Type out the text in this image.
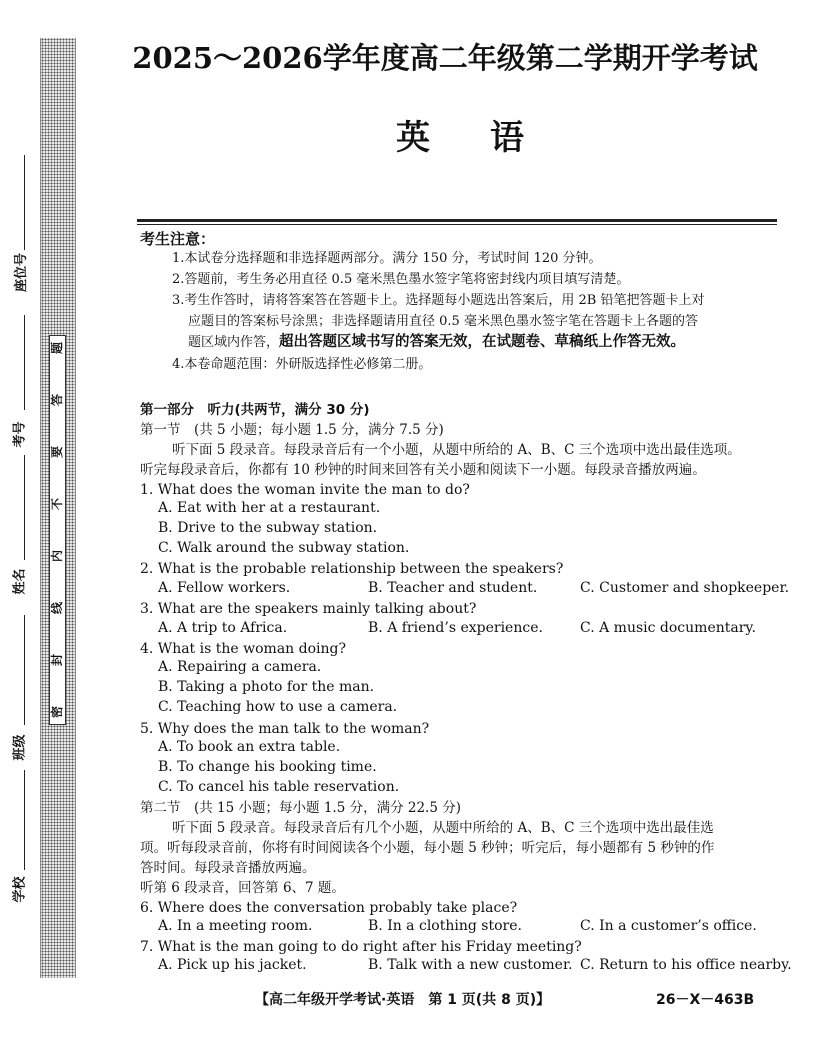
题
答
要
不
内
线
封
密
座位号
考号
姓名
班级
学校
2025～2026学年度高二年级第二学期开学考试
英语
考生注意：
1.本试卷分选择题和非选择题两部分。满分 150 分，考试时间 120 分钟。
2.答题前，考生务必用直径 0.5 毫米黑色墨水签字笔将密封线内项目填写清楚。
3.考生作答时，请将答案答在答题卡上。选择题每小题选出答案后，用 2B 铅笔把答题卡上对
应题目的答案标号涂黑；非选择题请用直径 0.5 毫米黑色墨水签字笔在答题卡上各题的答
题区域内作答，超出答题区域书写的答案无效，在试题卷、草稿纸上作答无效。
4.本卷命题范围：外研版选择性必修第二册。
第一部分　听力(共两节，满分 30 分)
第一节　(共 5 小题；每小题 1.5 分，满分 7.5 分)
听下面 5 段录音。每段录音后有一个小题，从题中所给的 A、B、C 三个选项中选出最佳选项。
听完每段录音后，你都有 10 秒钟的时间来回答有关小题和阅读下一小题。每段录音播放两遍。
1. What does the woman invite the man to do?
A. Eat with her at a restaurant.
B. Drive to the subway station.
C. Walk around the subway station.
2. What is the probable relationship between the speakers?
A. Fellow workers.	B. Teacher and student.	C. Customer and shopkeeper.
3. What are the speakers mainly talking about?
A. A trip to Africa.	B. A friend’s experience.	C. A music documentary.
4. What is the woman doing?
A. Repairing a camera.
B. Taking a photo for the man.
C. Teaching how to use a camera.
5. Why does the man talk to the woman?
A. To book an extra table.
B. To change his booking time.
C. To cancel his table reservation.
第二节　(共 15 小题；每小题 1.5 分，满分 22.5 分)
听下面 5 段录音。每段录音后有几个小题，从题中所给的 A、B、C 三个选项中选出最佳选
项。听每段录音前，你将有时间阅读各个小题，每小题 5 秒钟；听完后，每小题都有 5 秒钟的作
答时间。每段录音播放两遍。
听第 6 段录音，回答第 6、7 题。
6. Where does the conversation probably take place?
A. In a meeting room.	B. In a clothing store.	C. In a customer’s office.
7. What is the man going to do right after his Friday meeting?
A. Pick up his jacket.	B. Talk with a new customer. C. Return to his office nearby.
【高二年级开学考试·英语　第 1 页(共 8 页)】	26－X－463B
